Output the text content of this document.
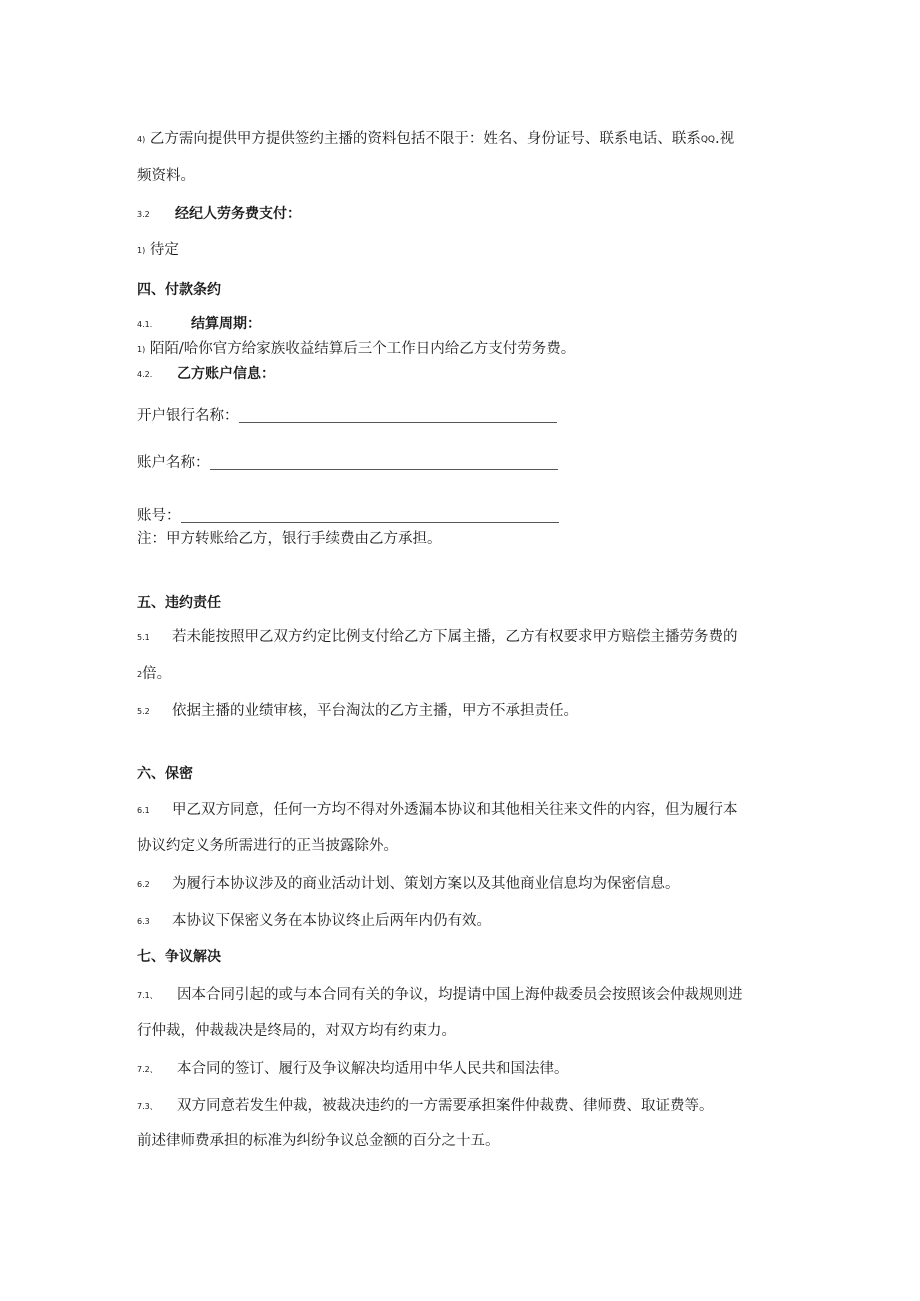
4) 乙方需向提供甲方提供签约主播的资料包括不限于：姓名、身份证号、联系电话、联系QQ.视
频资料。
3.2 经纪人劳务费支付：
1) 待定
四、付款条约
4.1.	结算周期：
1) 陌陌/哈你官方给家族收益结算后三个工作日内给乙方支付劳务费。
4.2. 乙方账户信息：
开户银行名称：
账户名称：
账号：
注：甲方转账给乙方，银行手续费由乙方承担。
五、违约责任
5.1 若未能按照甲乙双方约定比例支付给乙方下属主播，乙方有权要求甲方赔偿主播劳务费的
2倍。
5.2 依据主播的业绩审核，平台淘汰的乙方主播，甲方不承担责任。
六、保密
6.1 甲乙双方同意，任何一方均不得对外透漏本协议和其他相关往来文件的内容，但为履行本
协议约定义务所需进行的正当披露除外。
6.2 为履行本协议涉及的商业活动计划、策划方案以及其他商业信息均为保密信息。
6.3 本协议下保密义务在本协议终止后两年内仍有效。
七、争议解决
7.1、 因本合同引起的或与本合同有关的争议，均提请中国上海仲裁委员会按照该会仲裁规则进
行仲裁，仲裁裁决是终局的，对双方均有约束力。
7.2、 本合同的签订、履行及争议解决均适用中华人民共和国法律。
7.3、 双方同意若发生仲裁，被裁决违约的一方需要承担案件仲裁费、律师费、取证费等。
前述律师费承担的标准为纠纷争议总金额的百分之十五。
